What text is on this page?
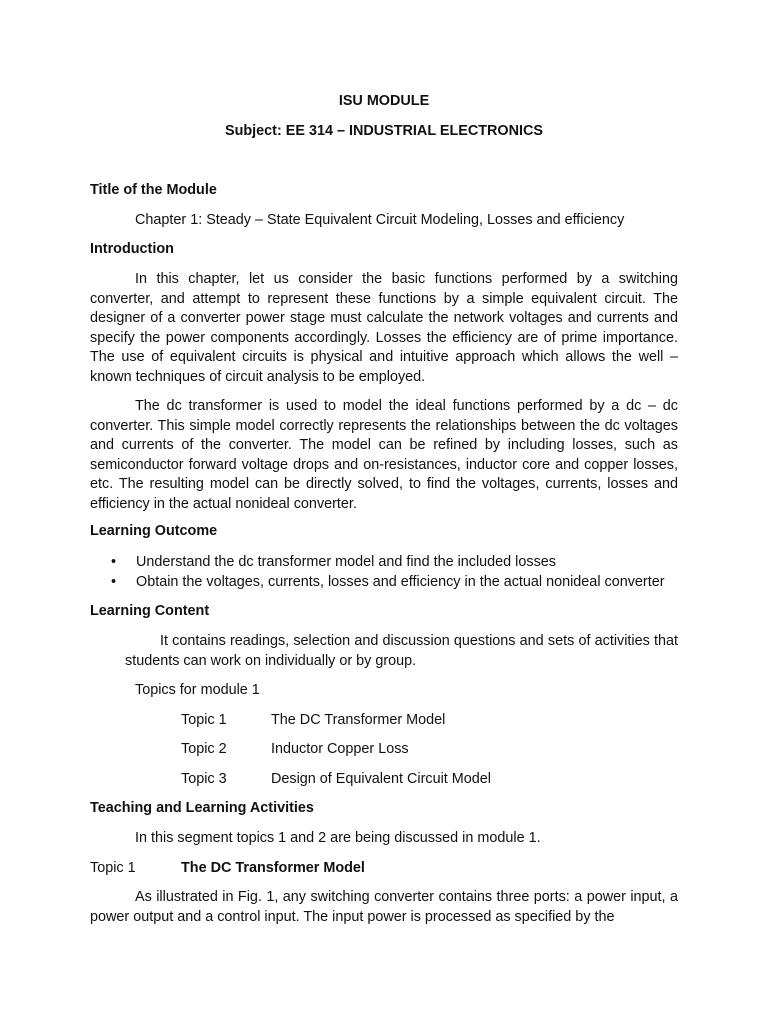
ISU MODULE
Subject: EE 314 – INDUSTRIAL ELECTRONICS
Title of the Module
Chapter 1: Steady – State Equivalent Circuit Modeling, Losses and efficiency
Introduction
In this chapter, let us consider the basic functions performed by a switching converter, and attempt to represent these functions by a simple equivalent circuit. The designer of a converter power stage must calculate the network voltages and currents and specify the power components accordingly. Losses the efficiency are of prime importance. The use of equivalent circuits is physical and intuitive approach which allows the well – known techniques of circuit analysis to be employed.
The dc transformer is used to model the ideal functions performed by a dc – dc converter. This simple model correctly represents the relationships between the dc voltages and currents of the converter. The model can be refined by including losses, such as semiconductor forward voltage drops and on-resistances, inductor core and copper losses, etc. The resulting model can be directly solved, to find the voltages, currents, losses and efficiency in the actual nonideal converter.
Learning Outcome
• Understand the dc transformer model and find the included losses
• Obtain the voltages, currents, losses and efficiency in the actual nonideal converter
Learning Content
It contains readings, selection and discussion questions and sets of activities that students can work on individually or by group.
Topics for module 1
Topic 1	The DC Transformer Model
Topic 2	Inductor Copper Loss
Topic 3	Design of Equivalent Circuit Model
Teaching and Learning Activities
In this segment topics 1 and 2 are being discussed in module 1.
Topic 1	The DC Transformer Model
As illustrated in Fig. 1, any switching converter contains three ports: a power input, a power output and a control input. The input power is processed as specified by the
